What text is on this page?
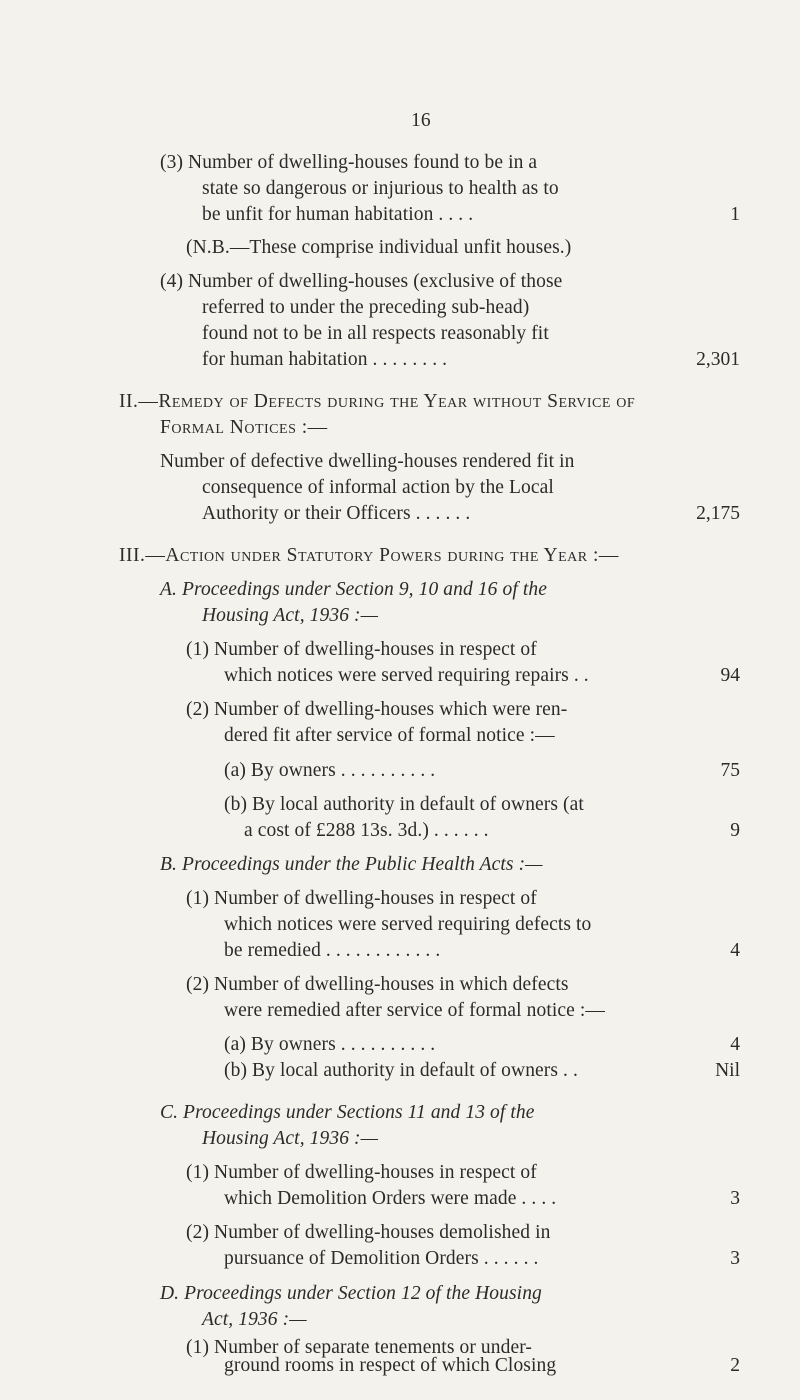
16
(3) Number of dwelling-houses found to be in a
state so dangerous or injurious to health as to
be unfit for human habitation . . . .	1
(N.B.—These comprise individual unfit houses.)
(4) Number of dwelling-houses (exclusive of those
referred to under the preceding sub-head)
found not to be in all respects reasonably fit
for human habitation . . . . . . . .	2,301
II.—Remedy of Defects during the Year without Service of
Formal Notices :—
Number of defective dwelling-houses rendered fit in
consequence of informal action by the Local
Authority or their Officers . . . . . .	2,175
III.—Action under Statutory Powers during the Year :—
A. Proceedings under Section 9, 10 and 16 of the
Housing Act, 1936 :—
(1) Number of dwelling-houses in respect of
which notices were served requiring repairs . .	94
(2) Number of dwelling-houses which were ren-
dered fit after service of formal notice :—
(a) By owners . . . . . . . . . .	75
(b) By local authority in default of owners (at
a cost of £288 13s. 3d.) . . . . . .	9
B. Proceedings under the Public Health Acts :—
(1) Number of dwelling-houses in respect of
which notices were served requiring defects to
be remedied . . . . . . . . . . . .	4
(2) Number of dwelling-houses in which defects
were remedied after service of formal notice :—
(a) By owners . . . . . . . . . .	4
(b) By local authority in default of owners . .	Nil
C. Proceedings under Sections 11 and 13 of the
Housing Act, 1936 :—
(1) Number of dwelling-houses in respect of
which Demolition Orders were made . . . .	3
(2) Number of dwelling-houses demolished in
pursuance of Demolition Orders . . . . . .	3
D. Proceedings under Section 12 of the Housing
Act, 1936 :—
(1) Number of separate tenements or under-
ground rooms in respect of which Closing	2
